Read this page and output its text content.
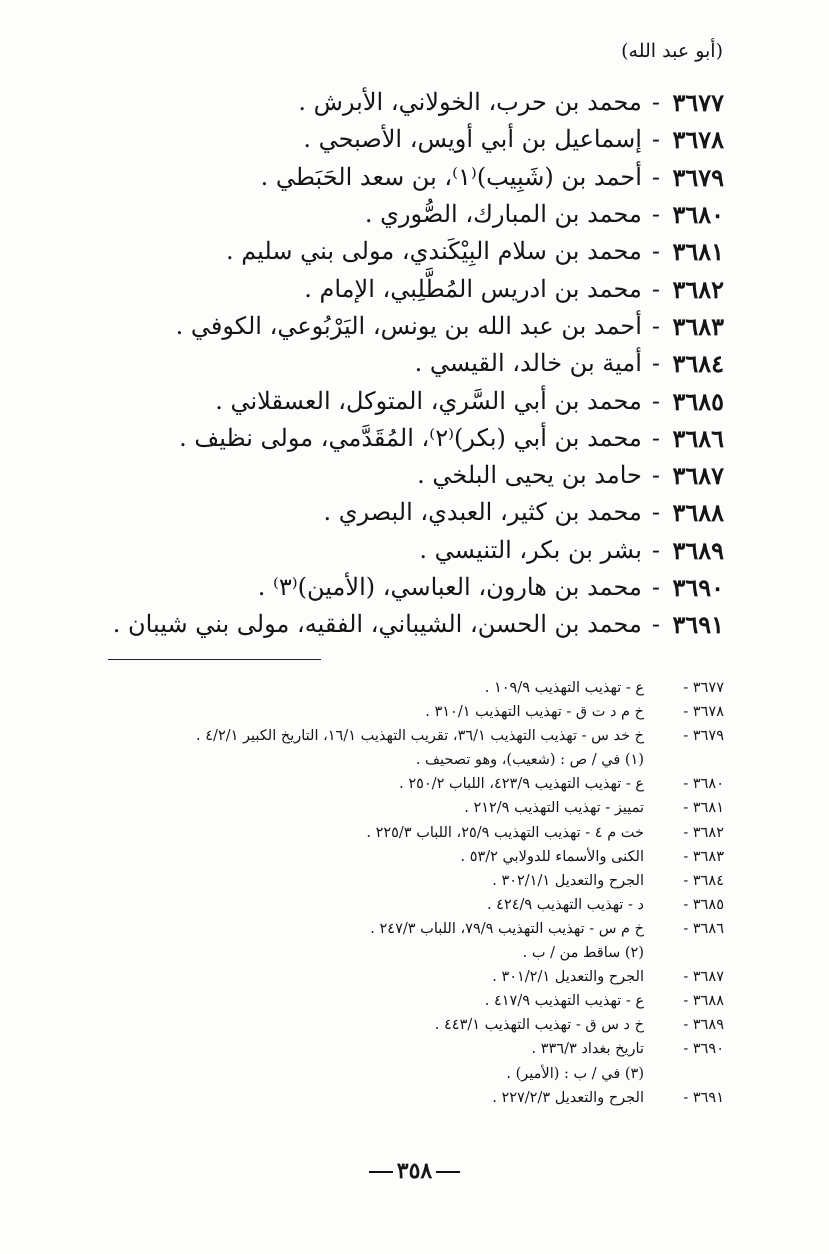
(أبو عبد الله)
٣٦٧٧
-
محمد بن حرب، الخولاني، الأبرش .
٣٦٧٨
-
إسماعيل بن أبي أويس، الأصبحي .
٣٦٧٩
-
أحمد بن (شَبِيب)⁽١⁾، بن سعد الحَبَطي .
٣٦٨٠
-
محمد بن المبارك، الصُّوري .
٣٦٨١
-
محمد بن سلام البِيْكَندي، مولى بني سليم .
٣٦٨٢
-
محمد بن ادريس المُطَّلِبي، الإمام .
٣٦٨٣
-
أحمد بن عبد الله بن يونس، اليَرْبُوعي، الكوفي .
٣٦٨٤
-
أمية بن خالد، القيسي .
٣٦٨٥
-
محمد بن أبي السَّري، المتوكل، العسقلاني .
٣٦٨٦
-
محمد بن أبي (بكر)⁽٢⁾، المُقَدَّمي، مولى نظيف .
٣٦٨٧
-
حامد بن يحيى البلخي .
٣٦٨٨
-
محمد بن كثير، العبدي، البصري .
٣٦٨٩
-
بشر بن بكر، التنيسي .
٣٦٩٠
-
محمد بن هارون، العباسي، (الأمين)⁽٣⁾ .
٣٦٩١
-
محمد بن الحسن، الشيباني، الفقيه، مولى بني شيبان .
٣٦٧٧ -
ع - تهذيب التهذيب ١٠٩/٩ .
٣٦٧٨ -
خ م د ت ق - تهذيب التهذيب ٣١٠/١ .
٣٦٧٩ -
خ خد س - تهذيب التهذيب ٣٦/١، تقريب التهذيب ١٦/١، التاريخ الكبير ٤/٢/١ .
(١) في / ص : (شعيب)، وهو تصحيف .
٣٦٨٠ -
ع - تهذيب التهذيب ٤٢٣/٩، اللباب ٢٥٠/٢ .
٣٦٨١ -
تمييز - تهذيب التهذيب ٢١٢/٩ .
٣٦٨٢ -
خت م ٤ - تهذيب التهذيب ٢٥/٩، اللباب ٢٢٥/٣ .
٣٦٨٣ -
الكنى والأسماء للدولابي ٥٣/٢ .
٣٦٨٤ -
الجرح والتعديل ٣٠٢/١/١ .
٣٦٨٥ -
د - تهذيب التهذيب ٤٢٤/٩ .
٣٦٨٦ -
خ م س - تهذيب التهذيب ٧٩/٩، اللباب ٢٤٧/٣ .
(٢) ساقط من / ب .
٣٦٨٧ -
الجرح والتعديل ٣٠١/٢/١ .
٣٦٨٨ -
ع - تهذيب التهذيب ٤١٧/٩ .
٣٦٨٩ -
خ د س ق - تهذيب التهذيب ٤٤٣/١ .
٣٦٩٠ -
تاريخ بغداد ٣٣٦/٣ .
(٣) في / ب : (الأمير) .
٣٦٩١ -
الجرح والتعديل ٢٢٧/٢/٣ .
٣٥٨
